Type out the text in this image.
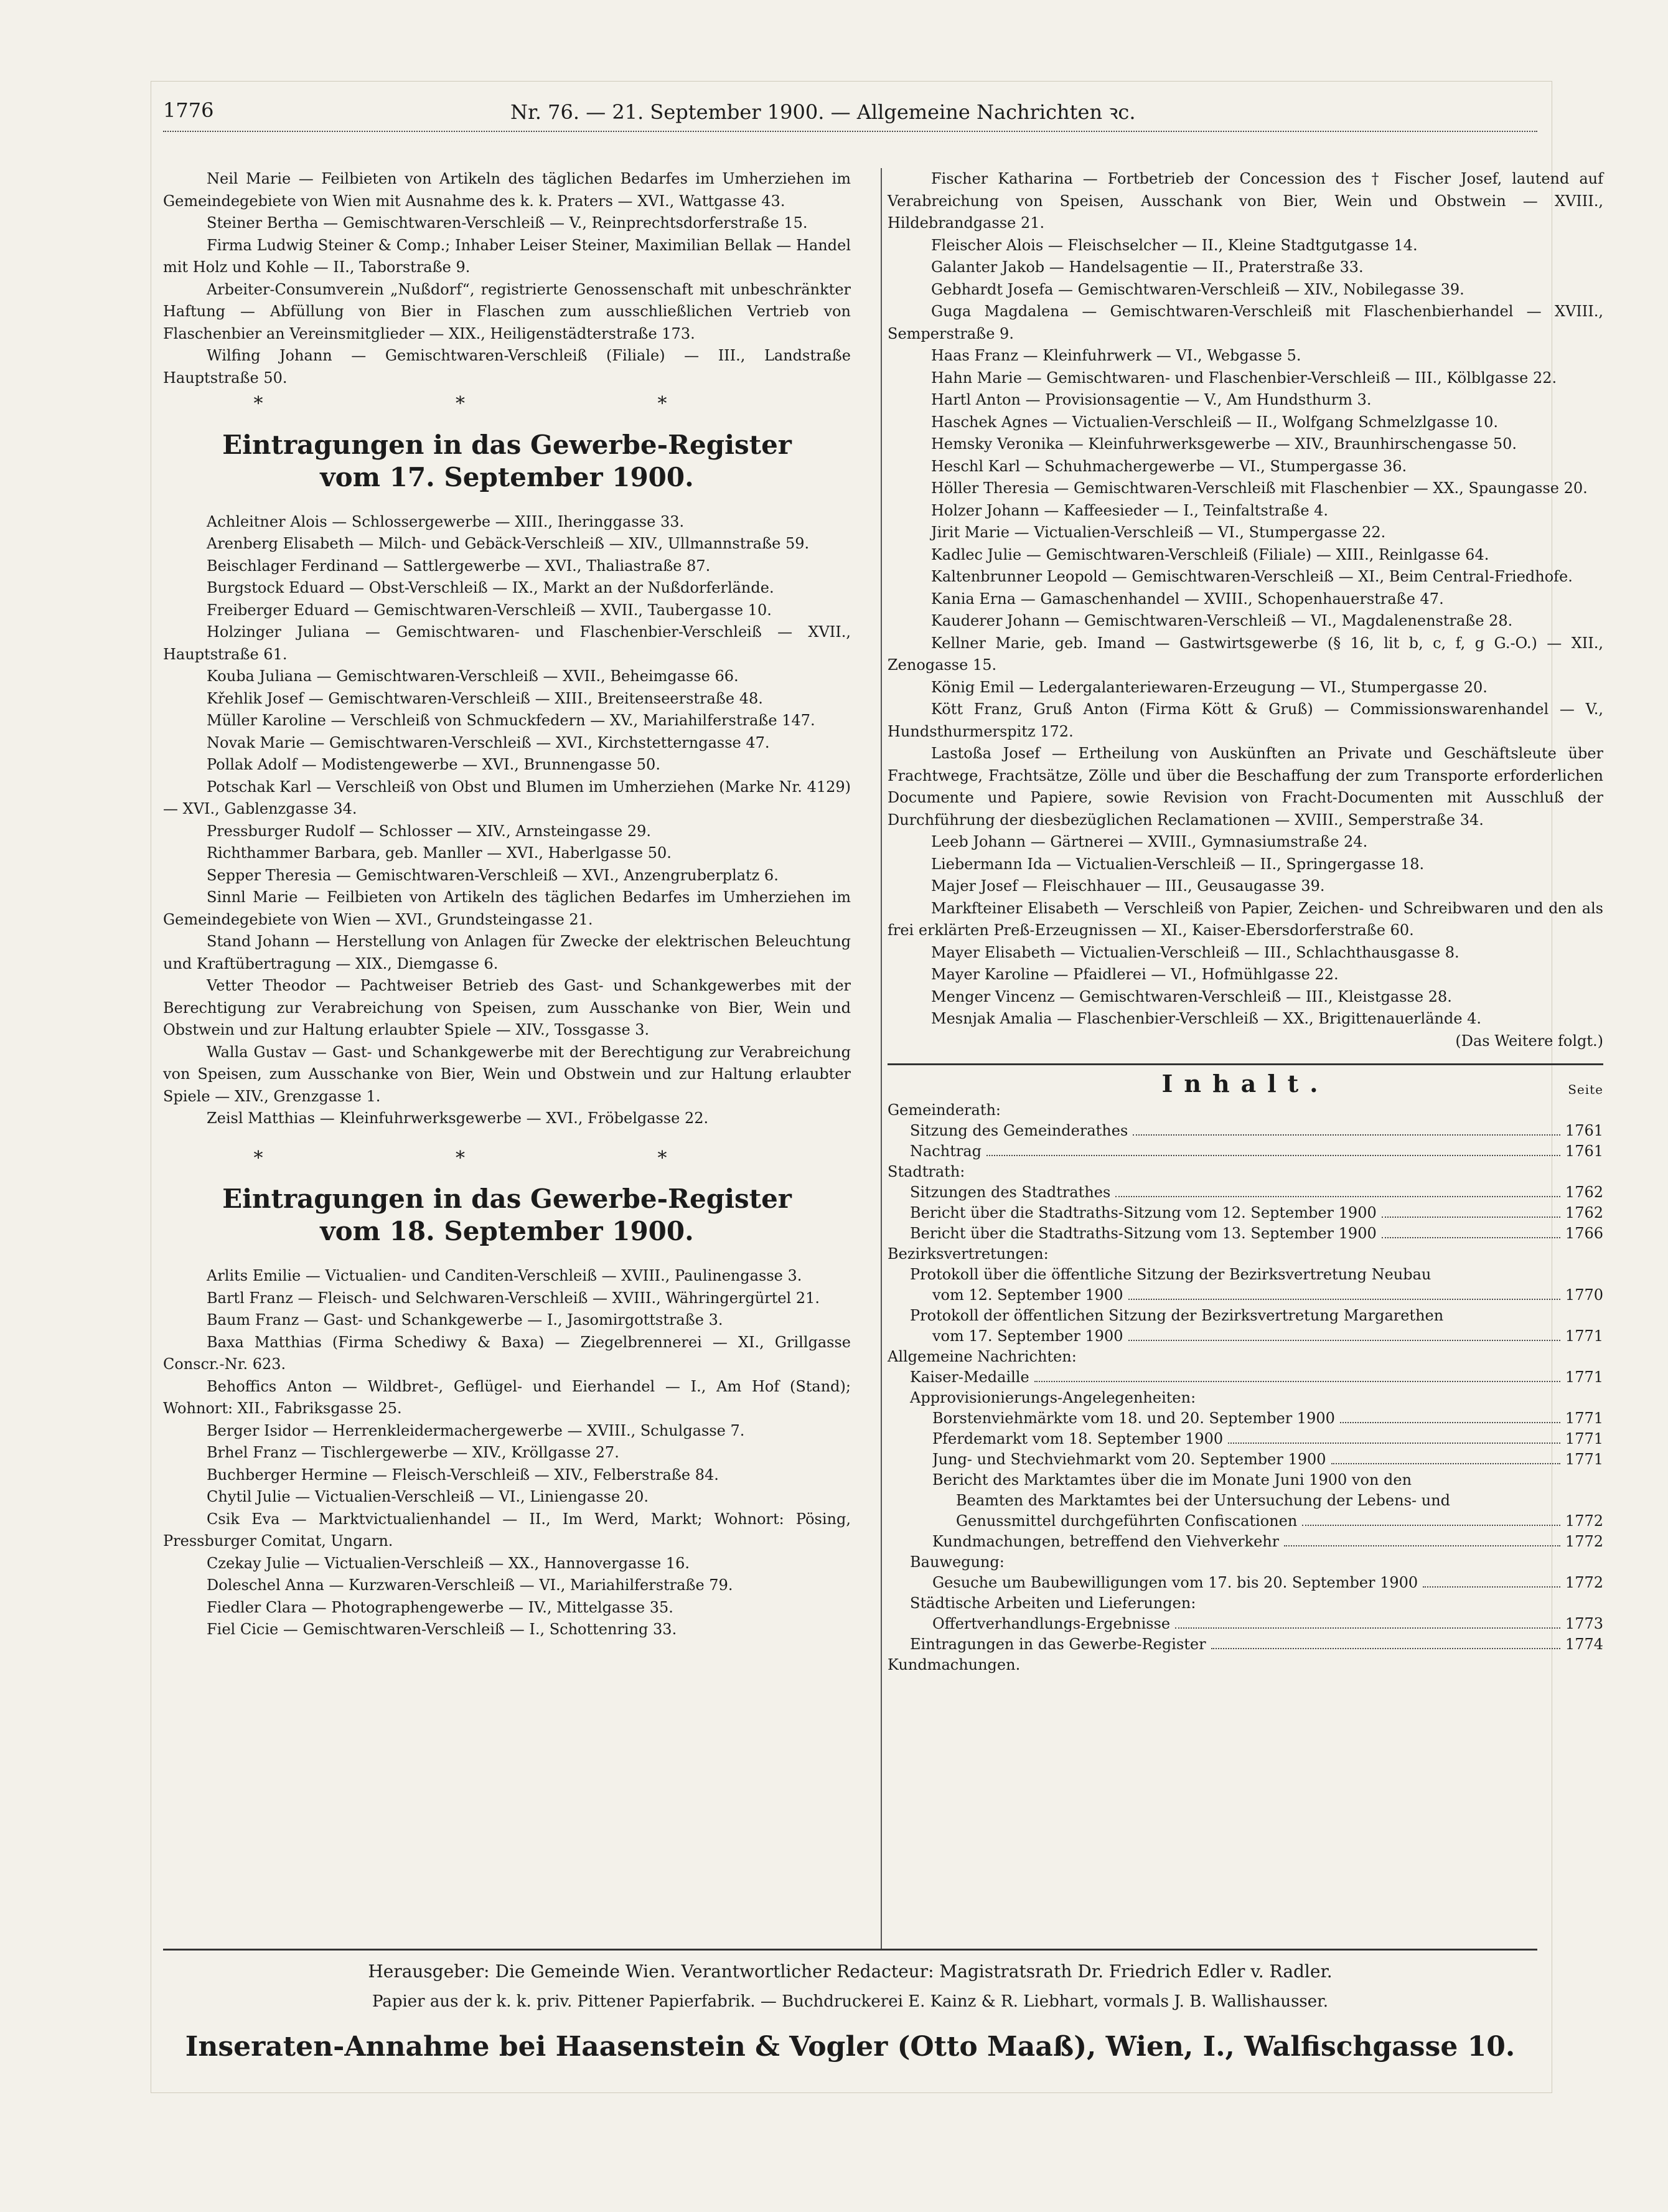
1776	Nr. 76. — 21. September 1900. — Allgemeine Nachrichten ꝛc.

Neil Marie — Feilbieten von Artikeln des täglichen Bedarfes im Umherziehen im Gemeindegebiete von Wien mit Ausnahme des k. k. Praters — XVI., Wattgasse 43.

Steiner Bertha — Gemischtwaren-Verschleiß — V., Reinprechtsdorferstraße 15.

Firma Ludwig Steiner & Comp.; Inhaber Leiser Steiner, Maximilian Bellak — Handel mit Holz und Kohle — II., Taborstraße 9.

Arbeiter-Consumverein „Nußdorf“, registrierte Genossenschaft mit unbeschränkter Haftung — Abfüllung von Bier in Flaschen zum ausschließlichen Vertrieb von Flaschenbier an Vereinsmitglieder — XIX., Heiligenstädterstraße 173.

Wilfing Johann — Gemischtwaren-Verschleiß (Filiale) — III., Landstraße Hauptstraße 50.

* * *
Eintragungen in das Gewerbe-Register
vom 17. September 1900.

Achleitner Alois — Schlossergewerbe — XIII., Iheringgasse 33.

Arenberg Elisabeth — Milch- und Gebäck-Verschleiß — XIV., Ullmannstraße 59.

Beischlager Ferdinand — Sattlergewerbe — XVI., Thaliastraße 87.

Burgstock Eduard — Obst-Verschleiß — IX., Markt an der Nußdorferlände.

Freiberger Eduard — Gemischtwaren-Verschleiß — XVII., Taubergasse 10.

Holzinger Juliana — Gemischtwaren- und Flaschenbier-Verschleiß — XVII., Hauptstraße 61.

Kouba Juliana — Gemischtwaren-Verschleiß — XVII., Beheimgasse 66.

Křehlik Josef — Gemischtwaren-Verschleiß — XIII., Breitenseerstraße 48.

Müller Karoline — Verschleiß von Schmuckfedern — XV., Mariahilferstraße 147.

Novak Marie — Gemischtwaren-Verschleiß — XVI., Kirchstetterngasse 47.

Pollak Adolf — Modistengewerbe — XVI., Brunnengasse 50.

Potschak Karl — Verschleiß von Obst und Blumen im Umherziehen (Marke Nr. 4129) — XVI., Gablenzgasse 34.

Pressburger Rudolf — Schlosser — XIV., Arnsteingasse 29.

Richthammer Barbara, geb. Manller — XVI., Haberlgasse 50.

Sepper Theresia — Gemischtwaren-Verschleiß — XVI., Anzengruberplatz 6.

Sinnl Marie — Feilbieten von Artikeln des täglichen Bedarfes im Umherziehen im Gemeindegebiete von Wien — XVI., Grundsteingasse 21.

Stand Johann — Herstellung von Anlagen für Zwecke der elektrischen Beleuchtung und Kraftübertragung — XIX., Diemgasse 6.

Vetter Theodor — Pachtweiser Betrieb des Gast- und Schankgewerbes mit der Berechtigung zur Verabreichung von Speisen, zum Ausschanke von Bier, Wein und Obstwein und zur Haltung erlaubter Spiele — XIV., Tossgasse 3.

Walla Gustav — Gast- und Schankgewerbe mit der Berechtigung zur Verabreichung von Speisen, zum Ausschanke von Bier, Wein und Obstwein und zur Haltung erlaubter Spiele — XIV., Grenzgasse 1.

Zeisl Matthias — Kleinfuhrwerksgewerbe — XVI., Fröbelgasse 22.

* * *
Eintragungen in das Gewerbe-Register
vom 18. September 1900.

Arlits Emilie — Victualien- und Canditen-Verschleiß — XVIII., Paulinengasse 3.

Bartl Franz — Fleisch- und Selchwaren-Verschleiß — XVIII., Währingergürtel 21.

Baum Franz — Gast- und Schankgewerbe — I., Jasomirgottstraße 3.

Baxa Matthias (Firma Schediwy & Baxa) — Ziegelbrennerei — XI., Grillgasse Conscr.-Nr. 623.

Behoffics Anton — Wildbret-, Geflügel- und Eierhandel — I., Am Hof (Stand); Wohnort: XII., Fabriksgasse 25.

Berger Isidor — Herrenkleidermachergewerbe — XVIII., Schulgasse 7.

Brhel Franz — Tischlergewerbe — XIV., Kröllgasse 27.

Buchberger Hermine — Fleisch-Verschleiß — XIV., Felberstraße 84.

Chytil Julie — Victualien-Verschleiß — VI., Liniengasse 20.

Csik Eva — Marktvictualienhandel — II., Im Werd, Markt; Wohnort: Pösing, Pressburger Comitat, Ungarn.

Czekay Julie — Victualien-Verschleiß — XX., Hannovergasse 16.

Doleschel Anna — Kurzwaren-Verschleiß — VI., Mariahilferstraße 79.

Fiedler Clara — Photographengewerbe — IV., Mittelgasse 35.

Fiel Cicie — Gemischtwaren-Verschleiß — I., Schottenring 33.

Fischer Katharina — Fortbetrieb der Concession des † Fischer Josef, lautend auf Verabreichung von Speisen, Ausschank von Bier, Wein und Obstwein — XVIII., Hildebrandgasse 21.

Fleischer Alois — Fleischselcher — II., Kleine Stadtgutgasse 14.

Galanter Jakob — Handelsagentie — II., Praterstraße 33.

Gebhardt Josefa — Gemischtwaren-Verschleiß — XIV., Nobilegasse 39.

Guga Magdalena — Gemischtwaren-Verschleiß mit Flaschenbierhandel — XVIII., Semperstraße 9.

Haas Franz — Kleinfuhrwerk — VI., Webgasse 5.

Hahn Marie — Gemischtwaren- und Flaschenbier-Verschleiß — III., Kölblgasse 22.

Hartl Anton — Provisionsagentie — V., Am Hundsthurm 3.

Haschek Agnes — Victualien-Verschleiß — II., Wolfgang Schmelzlgasse 10.

Hemsky Veronika — Kleinfuhrwerksgewerbe — XIV., Braunhirschengasse 50.

Heschl Karl — Schuhmachergewerbe — VI., Stumpergasse 36.

Höller Theresia — Gemischtwaren-Verschleiß mit Flaschenbier — XX., Spaungasse 20.

Holzer Johann — Kaffeesieder — I., Teinfaltstraße 4.

Jirit Marie — Victualien-Verschleiß — VI., Stumpergasse 22.

Kadlec Julie — Gemischtwaren-Verschleiß (Filiale) — XIII., Reinlgasse 64.

Kaltenbrunner Leopold — Gemischtwaren-Verschleiß — XI., Beim Central-Friedhofe.

Kania Erna — Gamaschenhandel — XVIII., Schopenhauerstraße 47.

Kauderer Johann — Gemischtwaren-Verschleiß — VI., Magdalenenstraße 28.

Kellner Marie, geb. Imand — Gastwirtsgewerbe (§ 16, lit b, c, f, g G.-O.) — XII., Zenogasse 15.

König Emil — Ledergalanteriewaren-Erzeugung — VI., Stumpergasse 20.

Kött Franz, Gruß Anton (Firma Kött & Gruß) — Commissionswarenhandel — V., Hundsthurmerspitz 172.

Lastoßa Josef — Ertheilung von Auskünften an Private und Geschäftsleute über Frachtwege, Frachtsätze, Zölle und über die Beschaffung der zum Transporte erforderlichen Documente und Papiere, sowie Revision von Fracht-Documenten mit Ausschluß der Durchführung der diesbezüglichen Reclamationen — XVIII., Semperstraße 34.

Leeb Johann — Gärtnerei — XVIII., Gymnasiumstraße 24.

Liebermann Ida — Victualien-Verschleiß — II., Springergasse 18.

Majer Josef — Fleischhauer — III., Geusaugasse 39.

Markfteiner Elisabeth — Verschleiß von Papier, Zeichen- und Schreibwaren und den als frei erklärten Preß-Erzeugnissen — XI., Kaiser-Ebersdorferstraße 60.

Mayer Elisabeth — Victualien-Verschleiß — III., Schlachthausgasse 8.

Mayer Karoline — Pfaidlerei — VI., Hofmühlgasse 22.

Menger Vincenz — Gemischtwaren-Verschleiß — III., Kleistgasse 28.

Mesnjak Amalia — Flaschenbier-Verschleiß — XX., Brigittenauerlände 4.

(Das Weitere folgt.)
Inhalt.	Seite
Gemeinderath:
Sitzung des Gemeinderathes	1761
Nachtrag	1761
Stadtrath:
Sitzungen des Stadtrathes	1762
Bericht über die Stadtraths-Sitzung vom 12. September 1900	1762
Bericht über die Stadtraths-Sitzung vom 13. September 1900	1766
Bezirksvertretungen:
Protokoll über die öffentliche Sitzung der Bezirksvertretung Neubau
vom 12. September 1900	1770
Protokoll der öffentlichen Sitzung der Bezirksvertretung Margarethen
vom 17. September 1900	1771
Allgemeine Nachrichten:
Kaiser-Medaille	1771
Approvisionierungs-Angelegenheiten:
Borstenviehmärkte vom 18. und 20. September 1900	1771
Pferdemarkt vom 18. September 1900	1771
Jung- und Stechviehmarkt vom 20. September 1900	1771
Bericht des Marktamtes über die im Monate Juni 1900 von den
Beamten des Marktamtes bei der Untersuchung der Lebens- und
Genussmittel durchgeführten Confiscationen	1772
Kundmachungen, betreffend den Viehverkehr	1772
Bauwegung:
Gesuche um Baubewilligungen vom 17. bis 20. September 1900	1772
Städtische Arbeiten und Lieferungen:
Offertverhandlungs-Ergebnisse	1773
Eintragungen in das Gewerbe-Register	1774
Kundmachungen.
Herausgeber: Die Gemeinde Wien. Verantwortlicher Redacteur: Magistratsrath Dr. Friedrich Edler v. Radler.
Papier aus der k. k. priv. Pittener Papierfabrik. — Buchdruckerei E. Kainz & R. Liebhart, vormals J. B. Wallishausser.
Inseraten-Annahme bei Haasenstein & Vogler (Otto Maaß), Wien, I., Walfischgasse 10.
